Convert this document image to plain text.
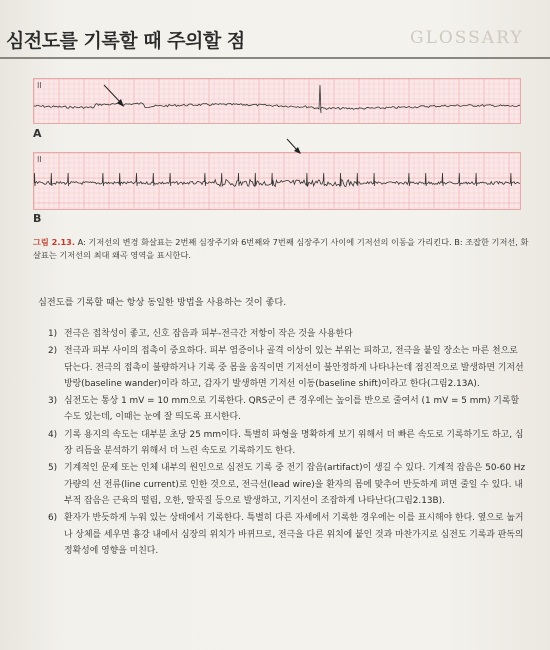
심전도를 기록할 때 주의할 점	GLOSSARY
II
A
II
B
그림 2.13. A: 기저선의 변경 화살표는 2번째 심장주기와 6번째와 7번째 심장주기 사이에 기저선의 이동을 가리킨다. B: 조잡한 기저선, 화살표는 기저선의 최대 왜곡 영역을 표시한다.
심전도를 기록할 때는 항상 동일한 방법을 사용하는 것이 좋다.
1) 전극은 접착성이 좋고, 신호 잡음과 피부-전극간 저항이 작은 것을 사용한다
2) 전극과 피부 사이의 접촉이 중요하다. 피부 염증이나 골격 이상이 있는 부위는 피하고, 전극을 붙일 장소는 마른 천으로 닦는다. 전극의 접촉이 불량하거나 기록 중 몸을 움직이면 기저선이 불안정하게 나타나는데 점진적으로 발생하면 기저선 방랑(baseline wander)이라 하고, 갑자기 발생하면 기저선 이동(baseline shift)이라고 한다(그림2.13A).
3) 심전도는 통상 1 mV = 10 mm으로 기록한다. QRS군이 큰 경우에는 높이를 반으로 줄여서 (1 mV = 5 mm) 기록할 수도 있는데, 이때는 눈에 잘 띄도록 표시한다.
4) 기록 용지의 속도는 대부분 초당 25 mm이다. 특별히 파형을 명확하게 보기 위해서 더 빠른 속도로 기록하기도 하고, 심장 리듬을 분석하기 위해서 더 느린 속도로 기록하기도 한다.
5) 기계적인 문제 또는 인체 내부의 원인으로 심전도 기록 중 전기 잡음(artifact)이 생길 수 있다. 기계적 잡음은 50-60 Hz 가량의 선 전류(line current)로 인한 것으로, 전극선(lead wire)을 환자의 몸에 맞추어 반듯하게 펴면 줄일 수 있다. 내부적 잡음은 근육의 떨림, 오한, 딸꾹질 등으로 발생하고, 기지선이 조잡하게 나타난다(그림2.13B).
6) 환자가 반듯하게 누워 있는 상태에서 기록한다. 특별히 다른 자세에서 기록한 경우에는 이를 표시해야 한다. 옆으로 눕거나 상체를 세우면 흉강 내에서 심장의 위치가 바뀌므로, 전극을 다른 위치에 붙인 것과 마찬가지로 심전도 기록과 판독의 정확성에 영향을 미친다.
